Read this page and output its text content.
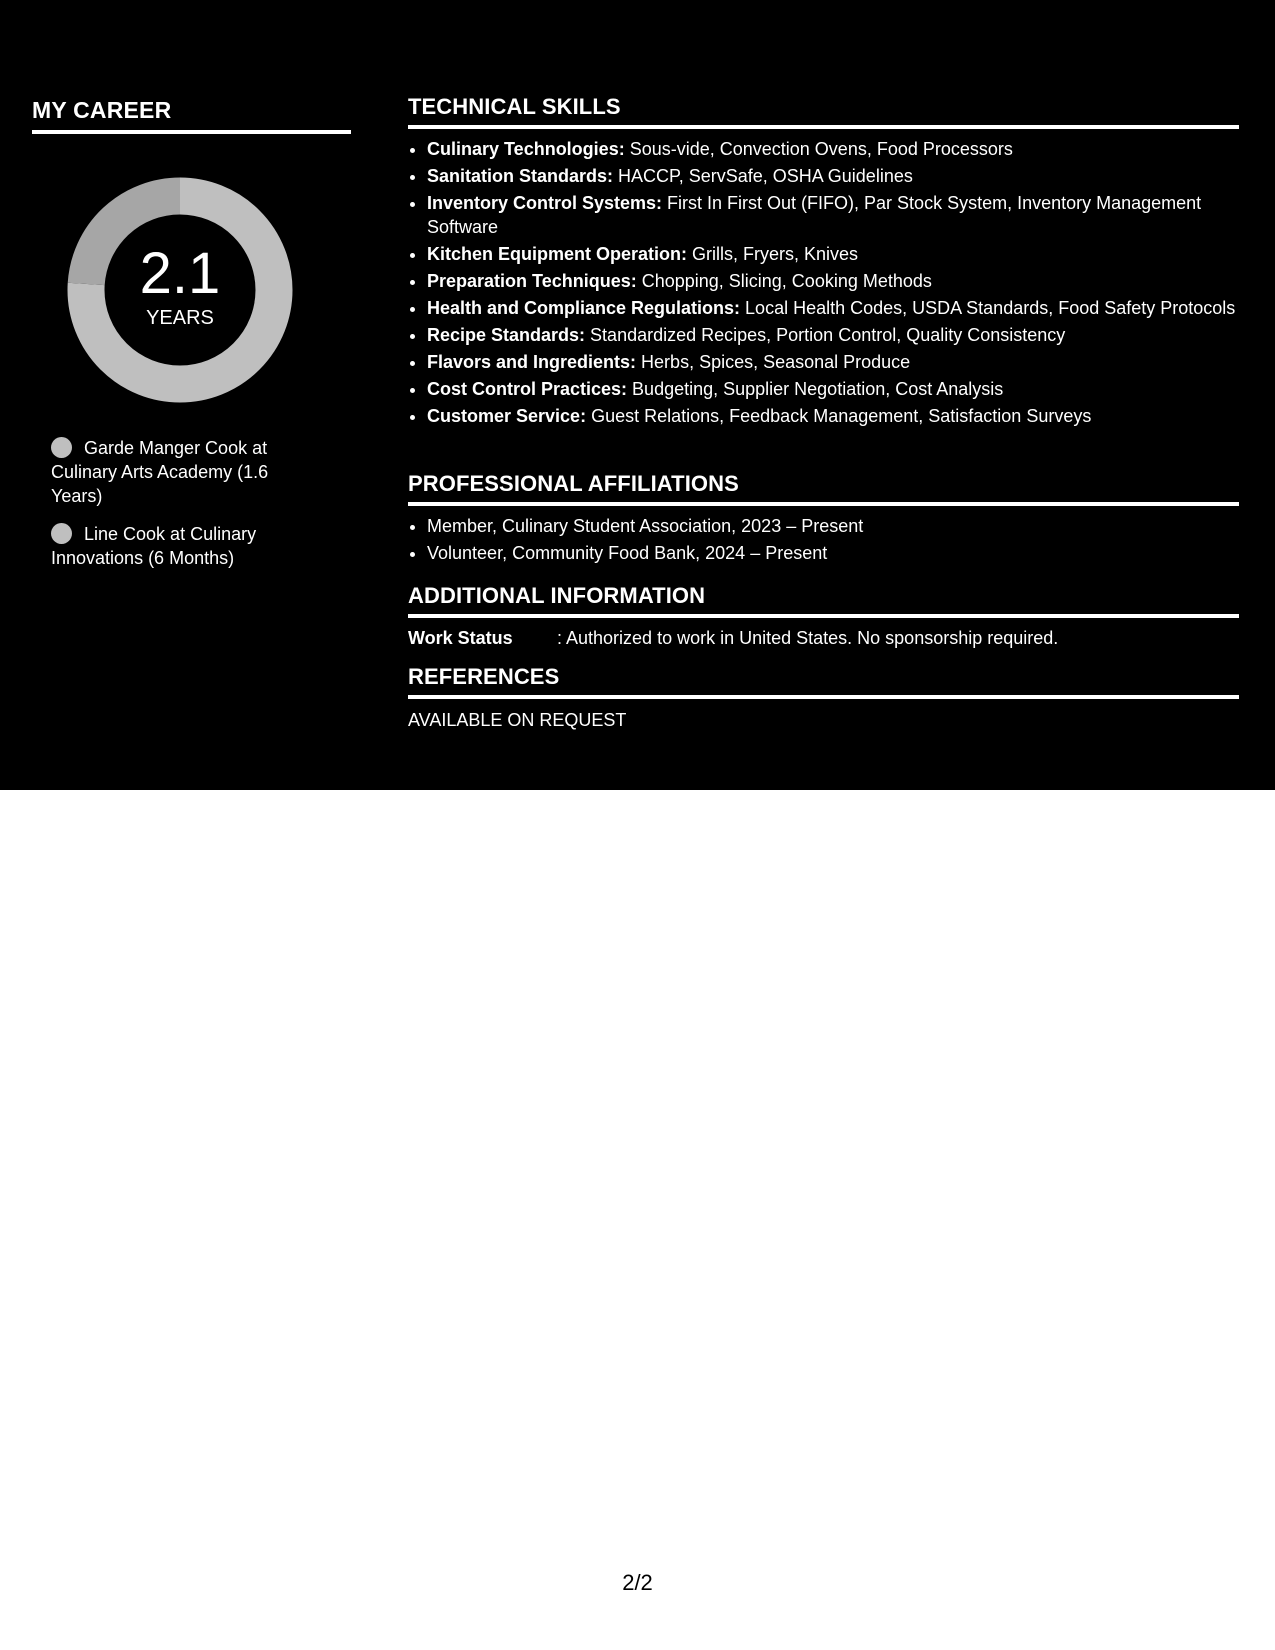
MY CAREER
2.1
YEARS
Garde Manger Cook at Culinary Arts Academy (1.6 Years)
Line Cook at Culinary Innovations (6 Months)
TECHNICAL SKILLS
• Culinary Technologies: Sous-vide, Convection Ovens, Food Processors
• Sanitation Standards: HACCP, ServSafe, OSHA Guidelines
• Inventory Control Systems: First In First Out (FIFO), Par Stock System, Inventory Management Software
• Kitchen Equipment Operation: Grills, Fryers, Knives
• Preparation Techniques: Chopping, Slicing, Cooking Methods
• Health and Compliance Regulations: Local Health Codes, USDA Standards, Food Safety Protocols
• Recipe Standards: Standardized Recipes, Portion Control, Quality Consistency
• Flavors and Ingredients: Herbs, Spices, Seasonal Produce
• Cost Control Practices: Budgeting, Supplier Negotiation, Cost Analysis
• Customer Service: Guest Relations, Feedback Management, Satisfaction Surveys
PROFESSIONAL AFFILIATIONS
• Member, Culinary Student Association, 2023 – Present
• Volunteer, Community Food Bank, 2024 – Present
ADDITIONAL INFORMATION
Work Status	: Authorized to work in United States. No sponsorship required.
REFERENCES
AVAILABLE ON REQUEST
2/2
